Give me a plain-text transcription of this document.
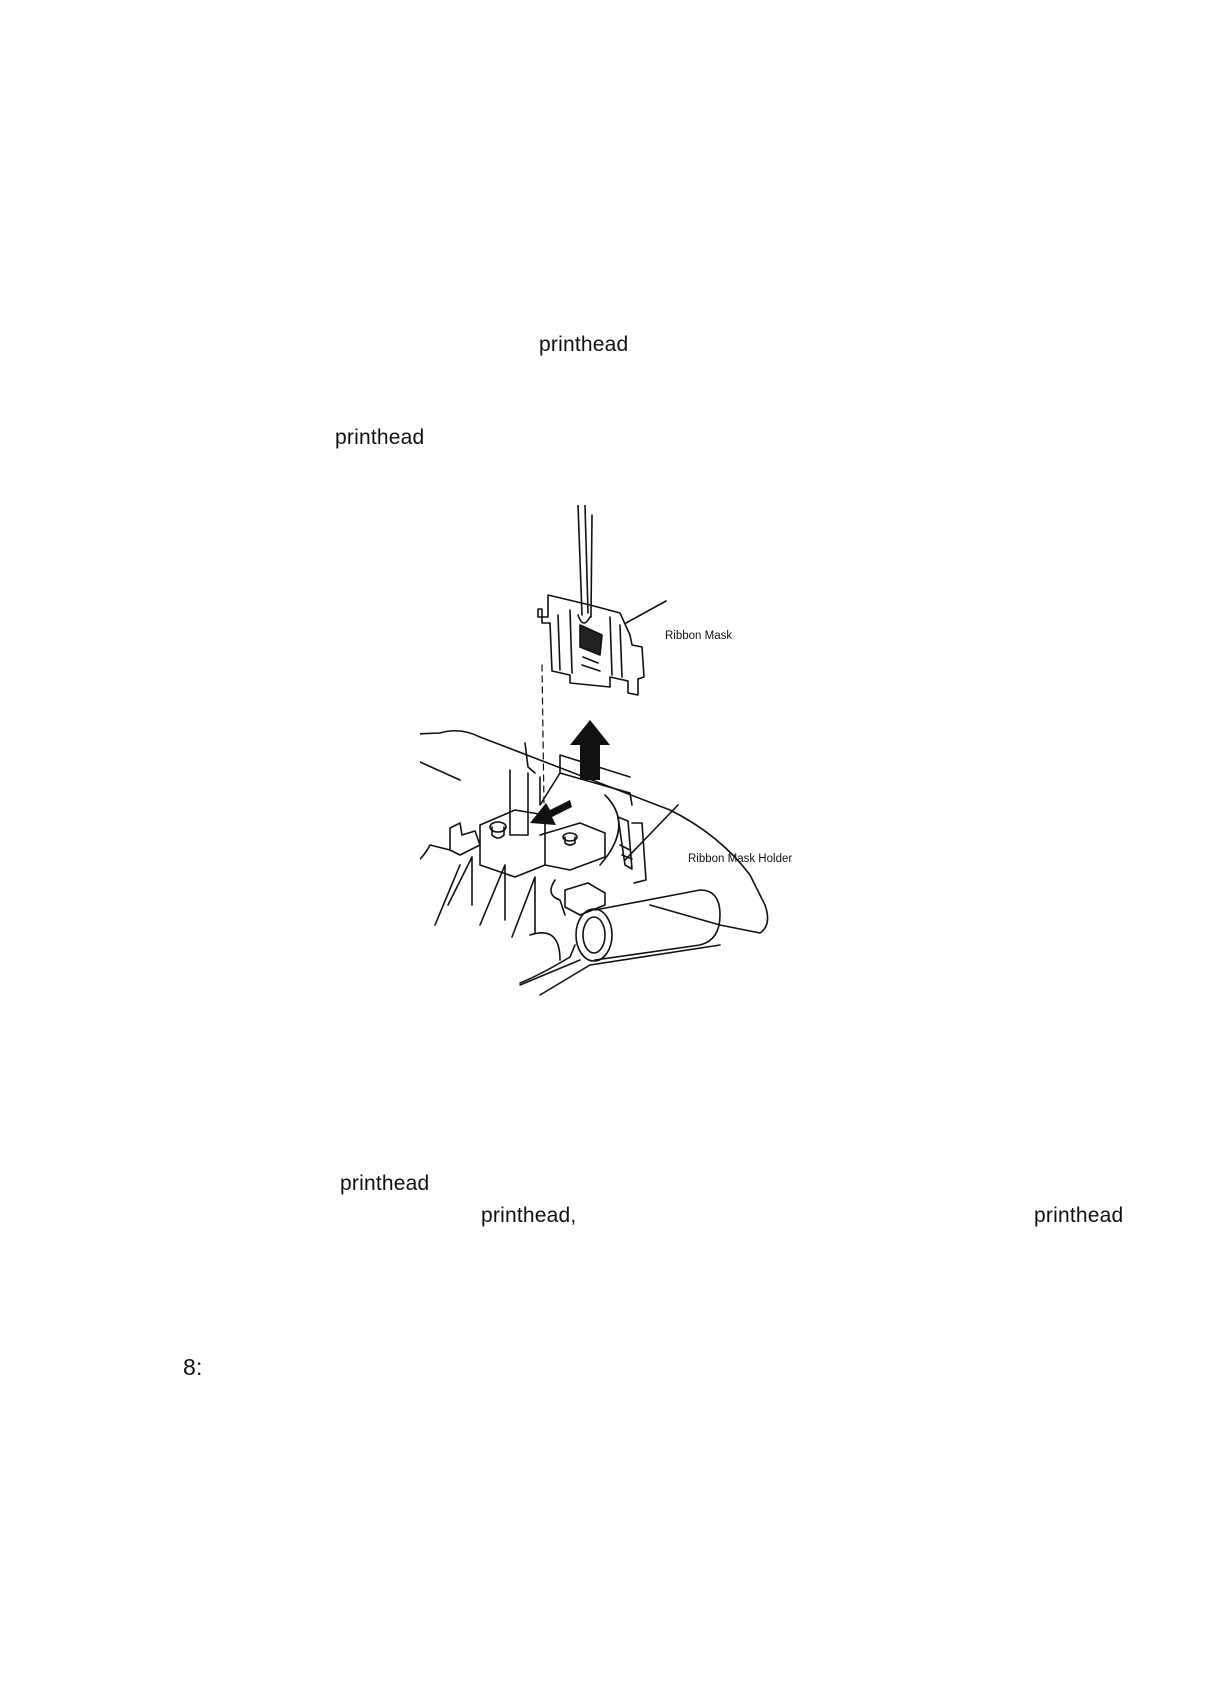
printhead
printhead
Ribbon Mask
Ribbon Mask Holder
printhead
printhead,	printhead
8:
